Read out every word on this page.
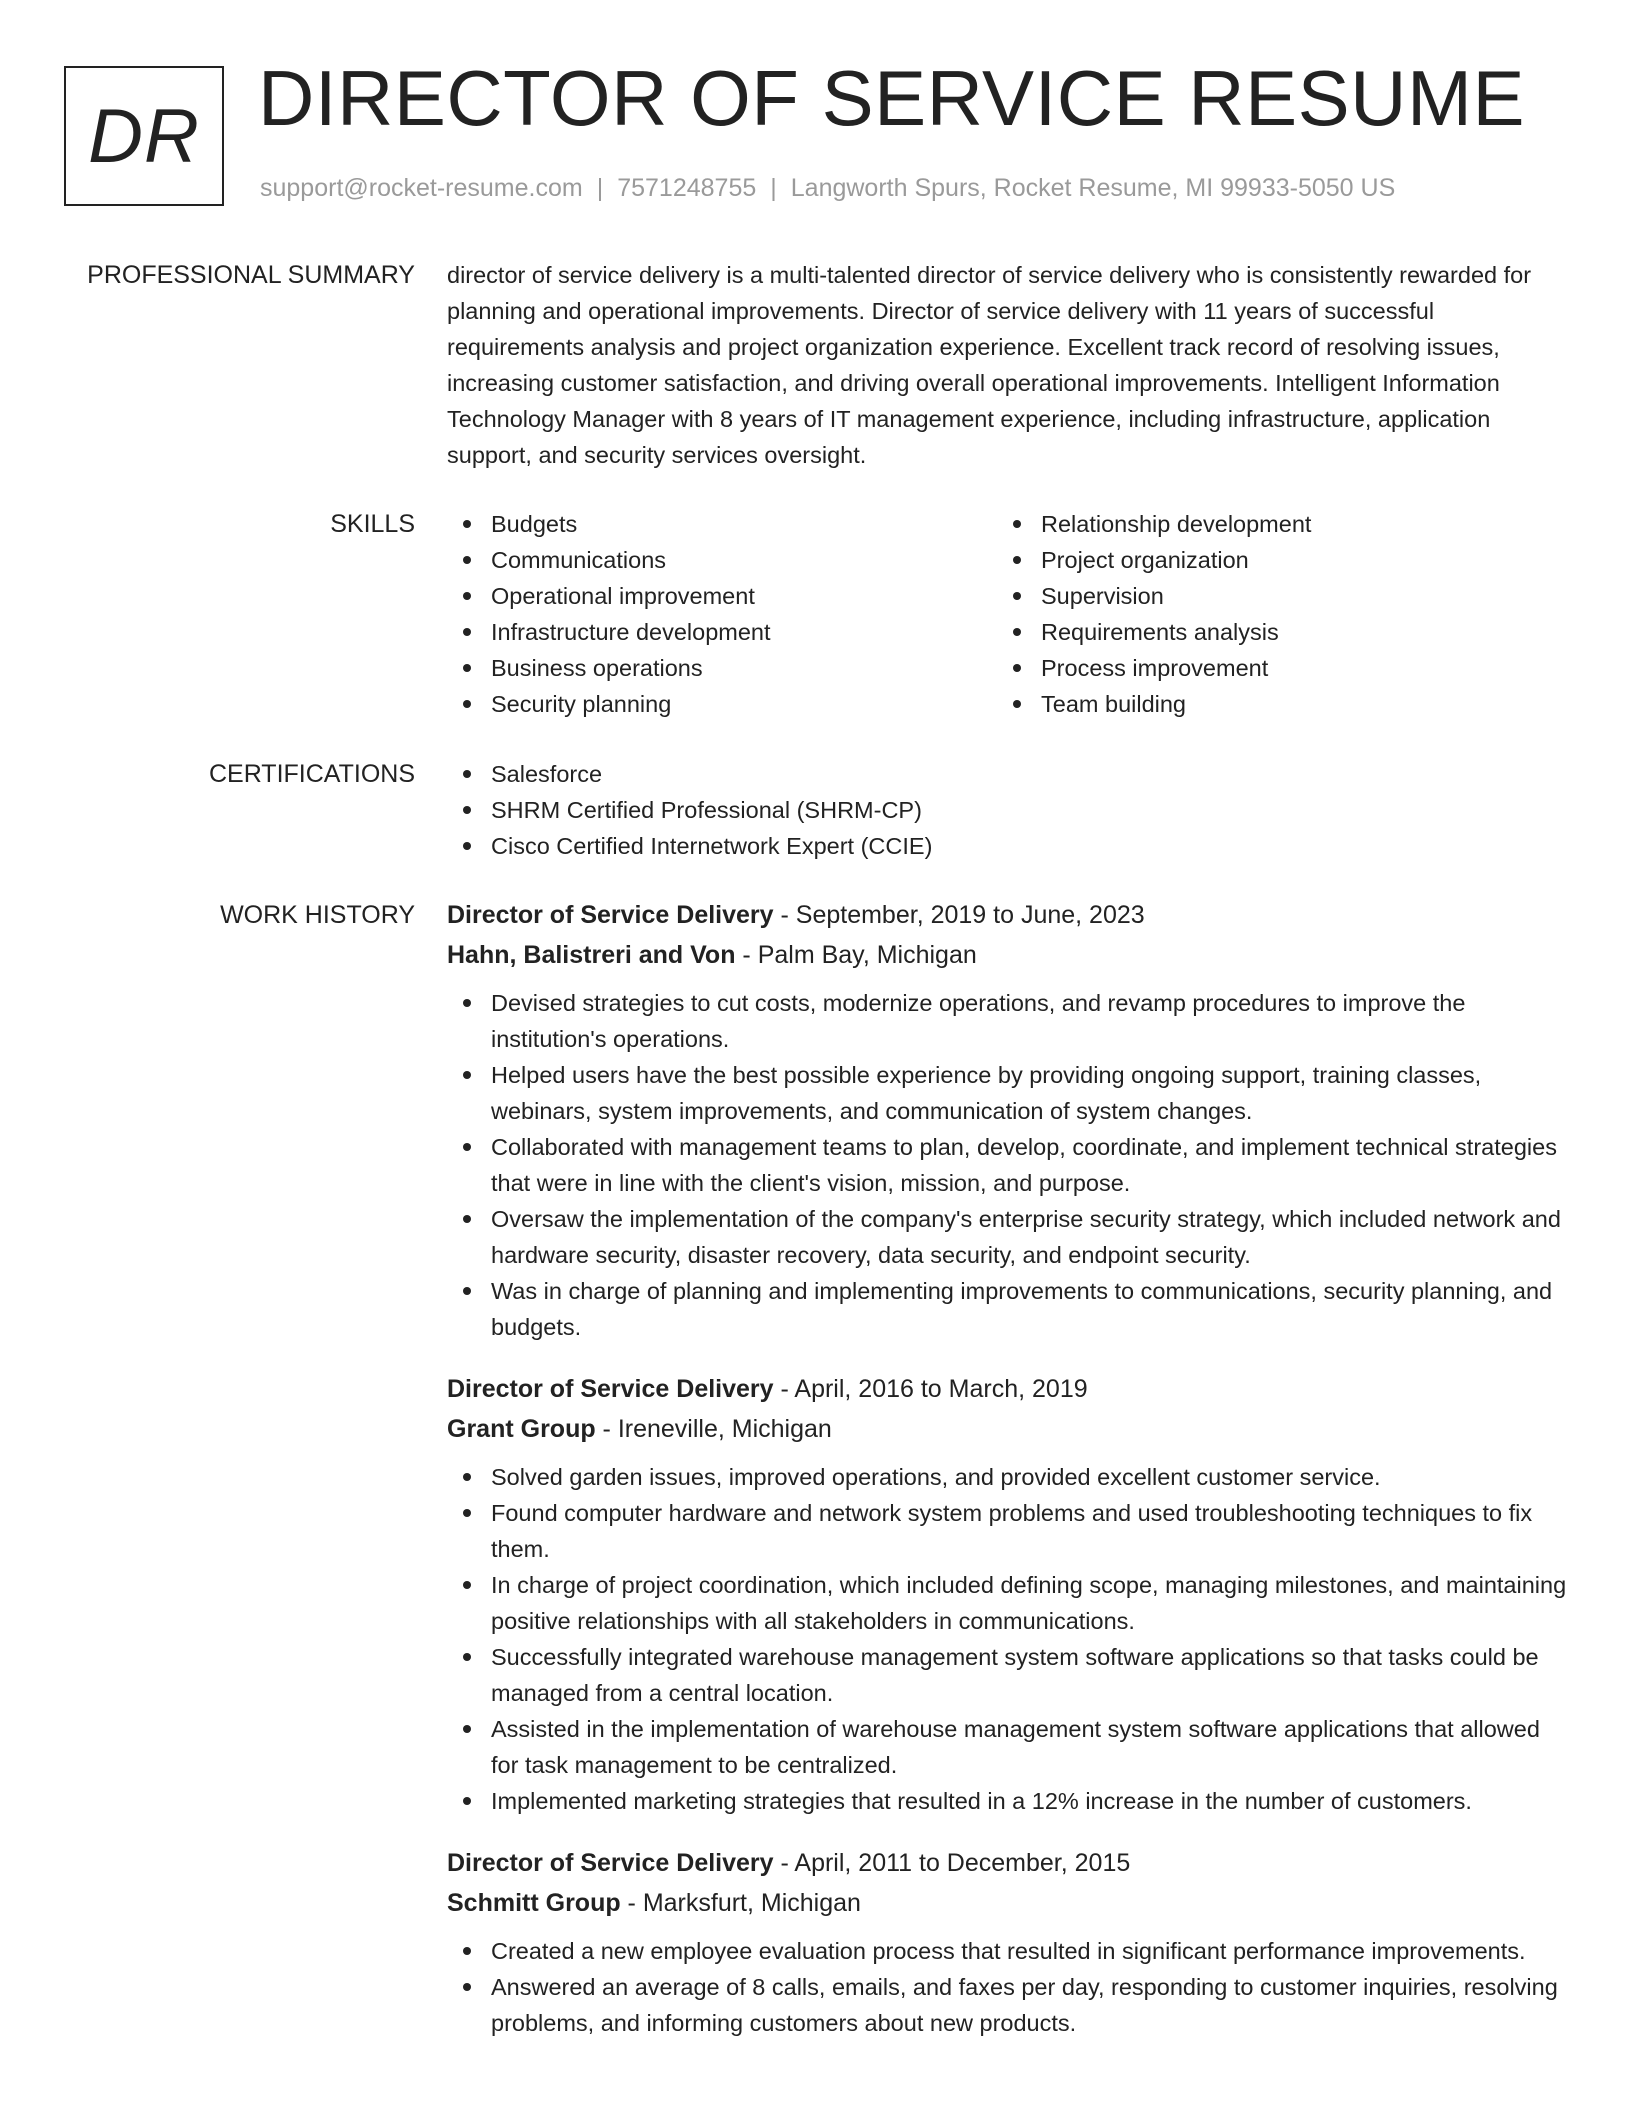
DR DIRECTOR OF SERVICE RESUME
support@rocket-resume.com | 7571248755 | Langworth Spurs, Rocket Resume, MI 99933-5050 US
PROFESSIONAL SUMMARY director of service delivery is a multi-talented director of service delivery who is consistently rewarded for planning and operational improvements. Director of service delivery with 11 years of successful requirements analysis and project organization experience. Excellent track record of resolving issues, increasing customer satisfaction, and driving overall operational improvements. Intelligent Information Technology Manager with 8 years of IT management experience, including infrastructure, application support, and security services oversight.

SKILLS	Budgets
Communications
Operational improvement
Infrastructure development
Business operations
Security planning
Relationship development
Project organization
Supervision
Requirements analysis
Process improvement
Team building
CERTIFICATIONS	Salesforce
SHRM Certified Professional (SHRM-CP)
Cisco Certified Internetwork Expert (CCIE)
WORK HISTORY Director of Service Delivery - September, 2019 to June, 2023
Hahn, Balistreri and Von - Palm Bay, Michigan
Devised strategies to cut costs, modernize operations, and revamp procedures to improve the institution's operations.
Helped users have the best possible experience by providing ongoing support, training classes, webinars, system improvements, and communication of system changes.
Collaborated with management teams to plan, develop, coordinate, and implement technical strategies that were in line with the client's vision, mission, and purpose.
Oversaw the implementation of the company's enterprise security strategy, which included network and hardware security, disaster recovery, data security, and endpoint security.
Was in charge of planning and implementing improvements to communications, security planning, and budgets.
Director of Service Delivery - April, 2016 to March, 2019
Grant Group - Ireneville, Michigan
Solved garden issues, improved operations, and provided excellent customer service.
Found computer hardware and network system problems and used troubleshooting techniques to fix them.
In charge of project coordination, which included defining scope, managing milestones, and maintaining positive relationships with all stakeholders in communications.
Successfully integrated warehouse management system software applications so that tasks could be managed from a central location.
Assisted in the implementation of warehouse management system software applications that allowed for task management to be centralized.
Implemented marketing strategies that resulted in a 12% increase in the number of customers.
Director of Service Delivery - April, 2011 to December, 2015
Schmitt Group - Marksfurt, Michigan
Created a new employee evaluation process that resulted in significant performance improvements.
Answered an average of 8 calls, emails, and faxes per day, responding to customer inquiries, resolving problems, and informing customers about new products.
